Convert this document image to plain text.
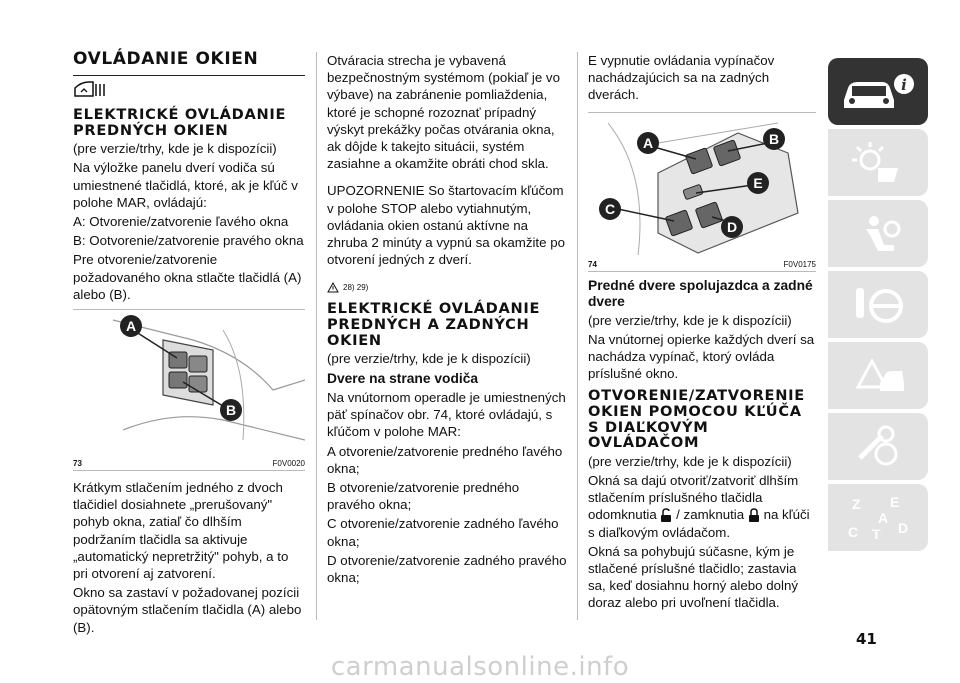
OVLÁDANIE OKIEN
ELEKTRICKÉ OVLÁDANIE PREDNÝCH OKIEN

(pre verzie/trhy, kde je k dispozícii)

Na výložke panelu dverí vodiča sú umiestnené tlačidlá, ktoré, ak je kľúč v polohe MAR, ovládajú:

A: Otvorenie/zatvorenie ľavého okna

B: Ootvorenie/zatvorenie pravého okna

Pre otvorenie/zatvorenie požadovaného okna stlačte tlačidlá (A) alebo (B).

A
B
73	F0V0020

Krátkym stlačením jedného z dvoch tlačidiel dosiahnete „prerušovaný" pohyb okna, zatiaľ čo dlhším podržaním tlačidla sa aktivuje „automatický nepretržitý" pohyb, a to pri otvorení aj zatvorení.

Okno sa zastaví v požadovanej pozícii opätovným stlačením tlačidla (A) alebo (B).

Otváracia strecha je vybavená bezpečnostným systémom (pokiaľ je vo výbave) na zabránenie pomliaždenia, ktoré je schopné rozoznať prípadný výskyt prekážky počas otvárania okna, ak dôjde k takejto situácii, systém zasiahne a okamžite obráti chod skla.

UPOZORNENIE So štartovacím kľúčom v polohe STOP alebo vytiahnutým, ovládania okien ostanú aktívne na zhruba 2 minúty a vypnú sa okamžite po otvorení jedných z dverí.

28) 29)
ELEKTRICKÉ OVLÁDANIE PREDNÝCH A ZADNÝCH OKIEN

(pre verzie/trhy, kde je k dispozícii)

Dvere na strane vodiča

Na vnútornom operadle je umiestnených päť spínačov obr. 74, ktoré ovládajú, s kľúčom v polohe MAR:

A otvorenie/zatvorenie predného ľavého okna;

B otvorenie/zatvorenie predného pravého okna;

C otvorenie/zatvorenie zadného ľavého okna;

D otvorenie/zatvorenie zadného pravého okna;

E vypnutie ovládania vypínačov nachádzajúcich sa na zadných dverách.

A	B
C
D
E
74	F0V0175
Predné dvere spolujazdca a zadné dvere

(pre verzie/trhy, kde je k dispozícii)

Na vnútornej opierke každých dverí sa nachádza vypínač, ktorý ovláda príslušné okno.

OTVORENIE/ZATVORENIE OKIEN POMOCOU KĽÚČA S DIAĽKOVÝM OVLÁDAČOM

(pre verzie/trhy, kde je k dispozícii)

Okná sa dajú otvoriť/zatvoriť dlhším stlačením príslušného tlačidla

odomknutia / zamknutia na kľúči

s diaľkovým ovládačom.

Okná sa pohybujú súčasne, kým je stlačené príslušné tlačidlo; zastavia sa, keď dosiahnu horný alebo dolný doraz alebo pri uvoľnení tlačidla.

i
Z E
A
C T D
41
carmanualsonline.info
